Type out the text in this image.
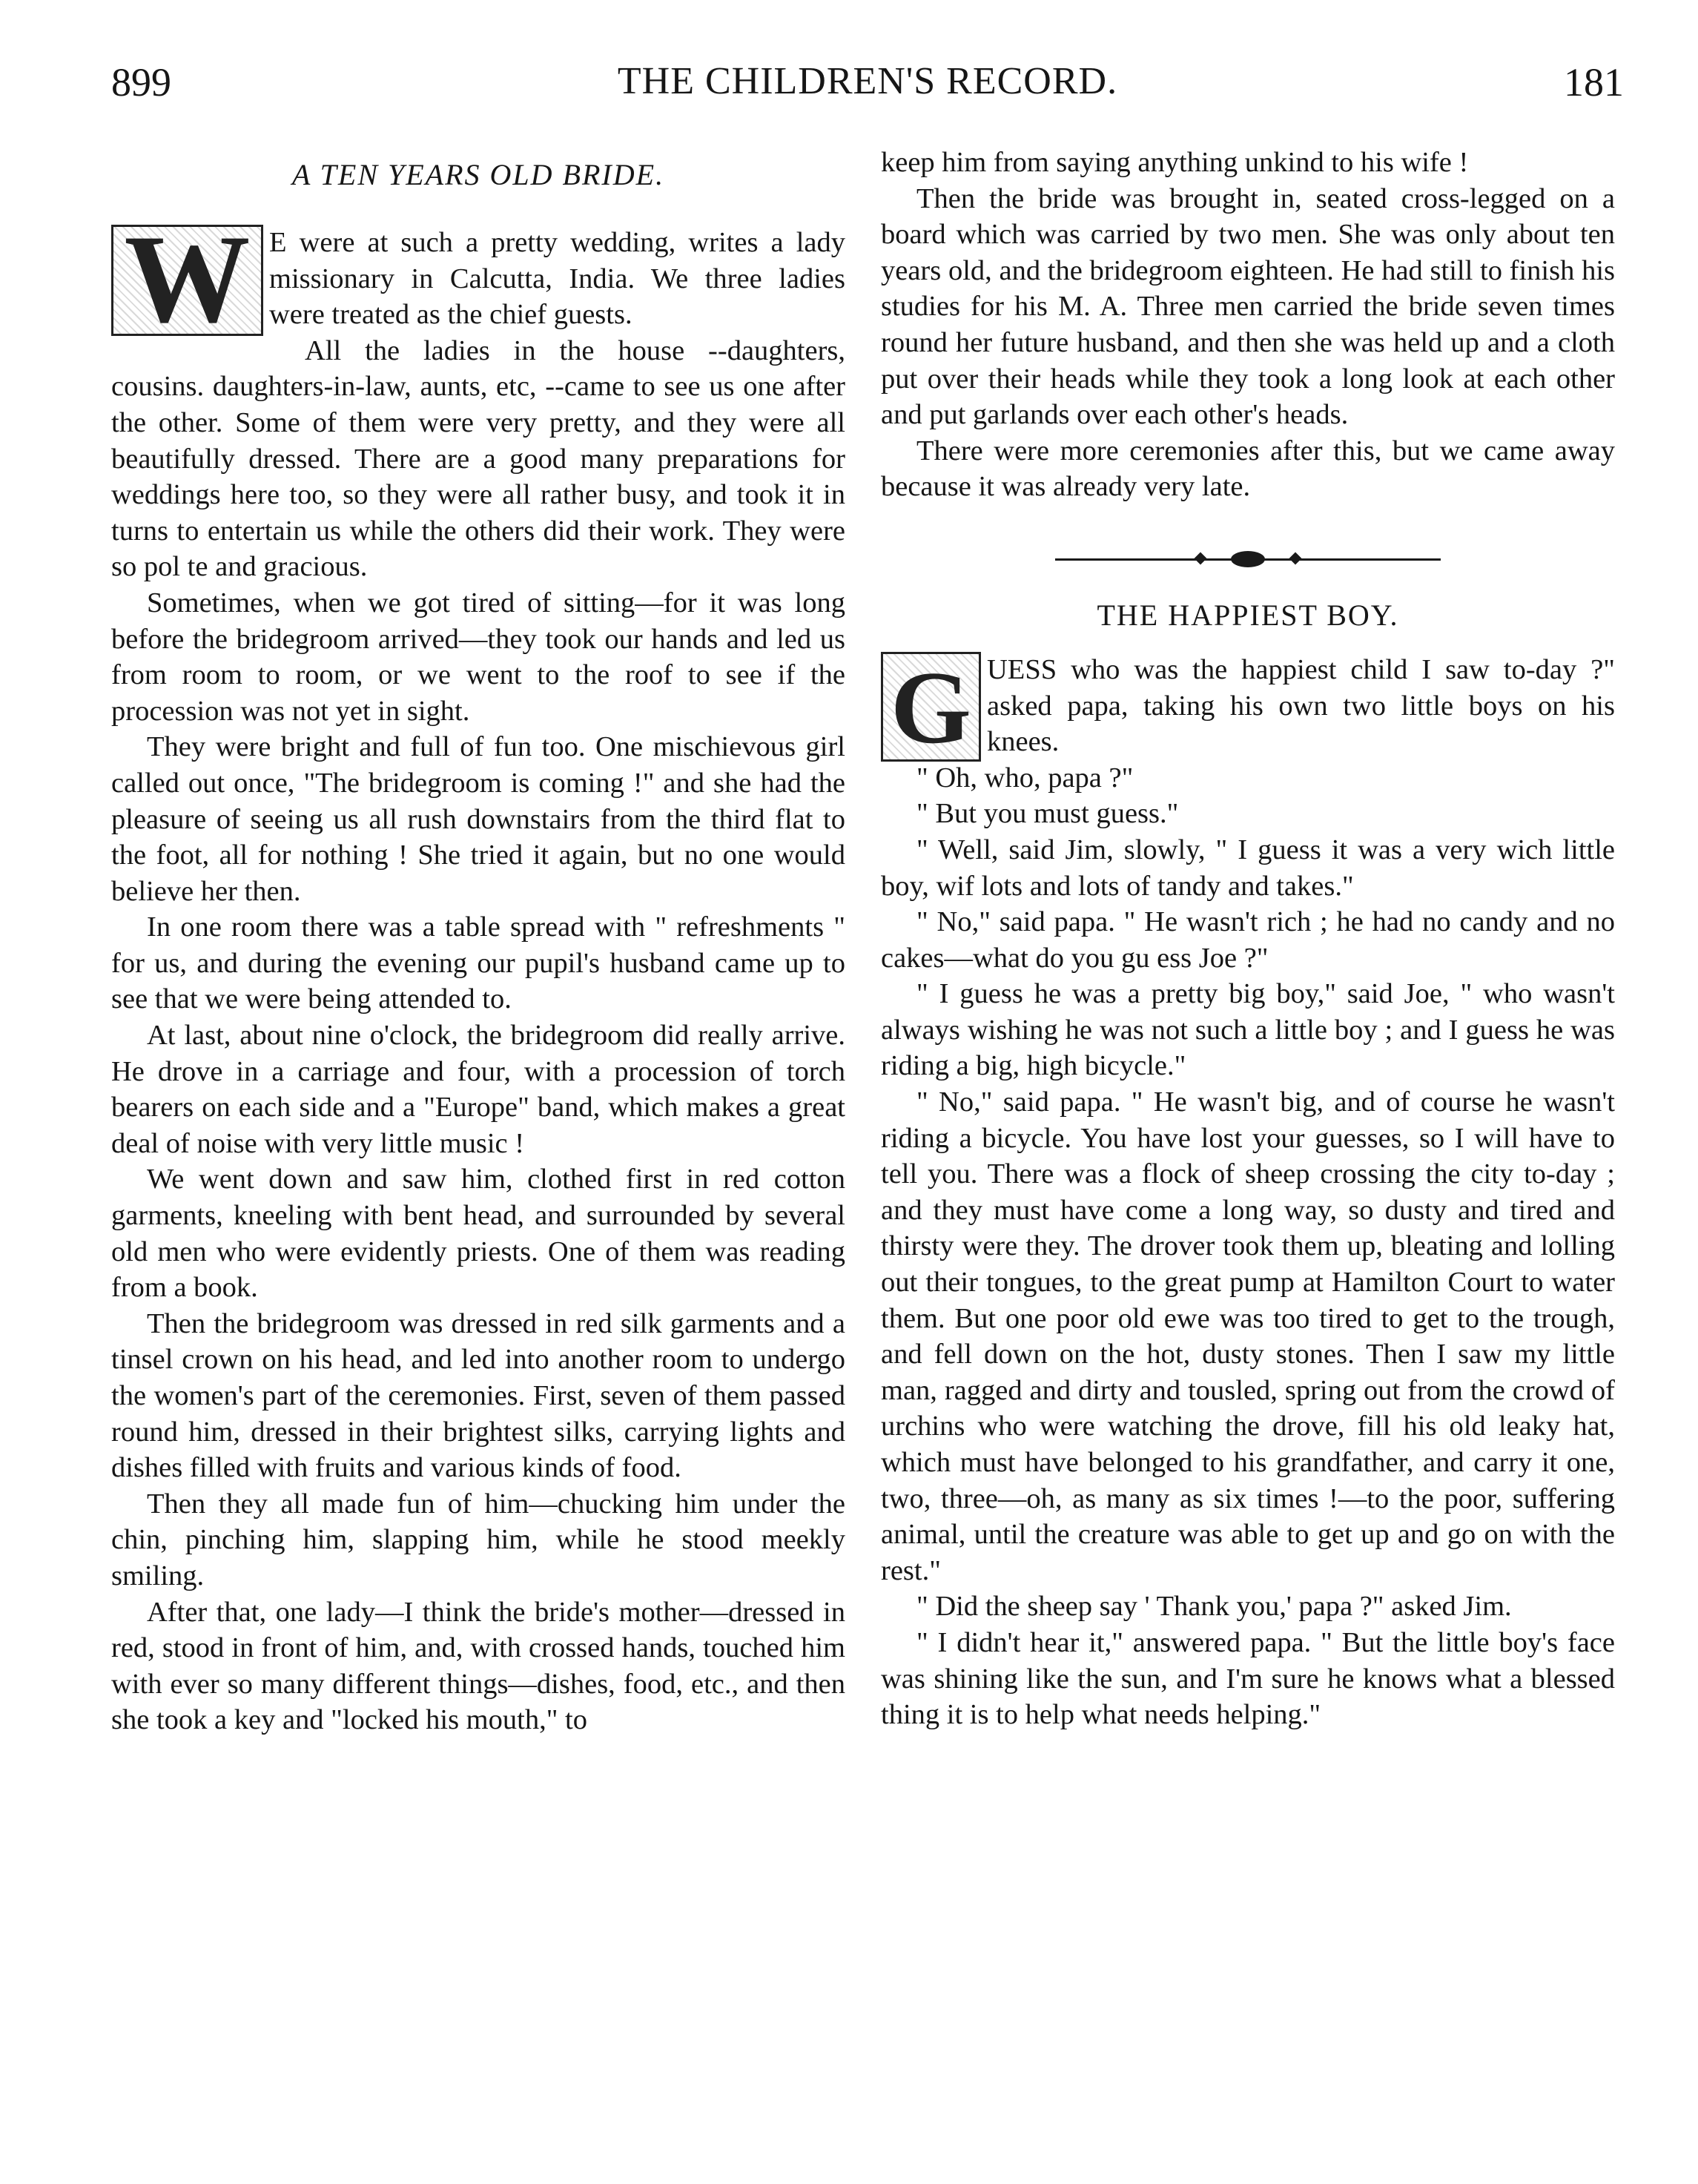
899	THE CHILDREN'S RECORD.	181
A TEN YEARS OLD BRIDE.

W E were at such a pretty wedding, writes a lady missionary in Calcutta, India. We three ladies were treated as the chief guests.

All the ladies in the house --daughters, cousins. daughters-in-law, aunts, etc, --came to see us one after the other. Some of them were very pretty, and they were all beautifully dressed. There are a good many preparations for weddings here too, so they were all rather busy, and took it in turns to entertain us while the others did their work. They were so pol te and gracious.

Sometimes, when we got tired of sitting—for it was long before the bridegroom arrived—they took our hands and led us from room to room, or we went to the roof to see if the procession was not yet in sight.

They were bright and full of fun too. One mischievous girl called out once, "The bridegroom is coming !" and she had the pleasure of seeing us all rush downstairs from the third flat to the foot, all for nothing ! She tried it again, but no one would believe her then.

In one room there was a table spread with " refreshments " for us, and during the evening our pupil's husband came up to see that we were being attended to.

At last, about nine o'clock, the bridegroom did really arrive. He drove in a carriage and four, with a procession of torch bearers on each side and a "Europe" band, which makes a great deal of noise with very little music !

We went down and saw him, clothed first in red cotton garments, kneeling with bent head, and surrounded by several old men who were evidently priests. One of them was reading from a book.

Then the bridegroom was dressed in red silk garments and a tinsel crown on his head, and led into another room to undergo the women's part of the ceremonies. First, seven of them passed round him, dressed in their brightest silks, carrying lights and dishes filled with fruits and various kinds of food.

Then they all made fun of him—chucking him under the chin, pinching him, slapping him, while he stood meekly smiling.

After that, one lady—I think the bride's mother—dressed in red, stood in front of him, and, with crossed hands, touched him with ever so many different things—dishes, food, etc., and then she took a key and "locked his mouth," to

keep him from saying anything unkind to his wife !

Then the bride was brought in, seated cross-legged on a board which was carried by two men. She was only about ten years old, and the bridegroom eighteen. He had still to finish his studies for his M. A. Three men carried the bride seven times round her future husband, and then she was held up and a cloth put over their heads while they took a long look at each other and put garlands over each other's heads.

There were more ceremonies after this, but we came away because it was already very late.

THE HAPPIEST BOY.

GUESS who was the happiest child I saw to-day ?" asked papa, taking his own two little boys on his knees.

" Oh, who, papa ?"

" But you must guess."

" Well, said Jim, slowly, " I guess it was a very wich little boy, wif lots and lots of tandy and takes."

" No," said papa. " He wasn't rich ; he had no candy and no cakes—what do you gu ess Joe ?"

" I guess he was a pretty big boy," said Joe, " who wasn't always wishing he was not such a little boy ; and I guess he was riding a big, high bicycle."

" No," said papa. " He wasn't big, and of course he wasn't riding a bicycle. You have lost your guesses, so I will have to tell you. There was a flock of sheep crossing the city to-day ; and they must have come a long way, so dusty and tired and thirsty were they. The drover took them up, bleating and lolling out their tongues, to the great pump at Hamilton Court to water them. But one poor old ewe was too tired to get to the trough, and fell down on the hot, dusty stones. Then I saw my little man, ragged and dirty and tousled, spring out from the crowd of urchins who were watching the drove, fill his old leaky hat, which must have belonged to his grandfather, and carry it one, two, three—oh, as many as six times !—to the poor, suffering animal, until the creature was able to get up and go on with the rest."

" Did the sheep say ' Thank you,' papa ?" asked Jim.

" I didn't hear it," answered papa. " But the little boy's face was shining like the sun, and I'm sure he knows what a blessed thing it is to help what needs helping."
